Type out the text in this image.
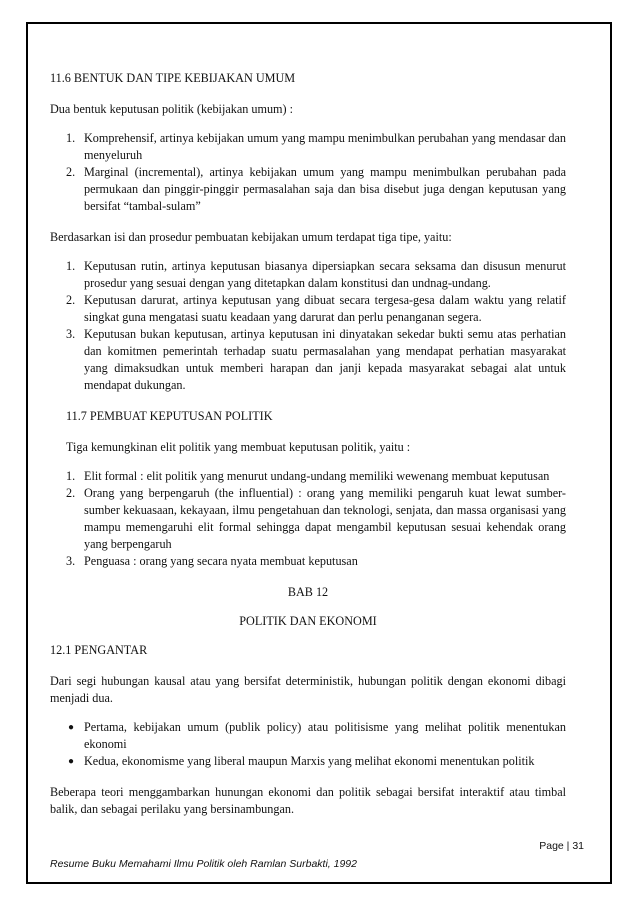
11.6 BENTUK DAN TIPE KEBIJAKAN UMUM

Dua bentuk keputusan politik (kebijakan umum) :

1. Komprehensif, artinya kebijakan umum yang mampu menimbulkan perubahan yang mendasar dan menyeluruh
2. Marginal (incremental), artinya kebijakan umum yang mampu menimbulkan perubahan pada permukaan dan pinggir-pinggir permasalahan saja dan bisa disebut juga dengan keputusan yang bersifat “tambal-sulam”

Berdasarkan isi dan prosedur pembuatan kebijakan umum terdapat tiga tipe, yaitu:

1. Keputusan rutin, artinya keputusan biasanya dipersiapkan secara seksama dan disusun menurut prosedur yang sesuai dengan yang ditetapkan dalam konstitusi dan undnag-undang.
2. Keputusan darurat, artinya keputusan yang dibuat secara tergesa-gesa dalam waktu yang relatif singkat guna mengatasi suatu keadaan yang darurat dan perlu penanganan segera.
3. Keputusan bukan keputusan, artinya keputusan ini dinyatakan sekedar bukti semu atas perhatian dan komitmen pemerintah terhadap suatu permasalahan yang mendapat perhatian masyarakat yang dimaksudkan untuk memberi harapan dan janji kepada masyarakat sebagai alat untuk mendapat dukungan.

11.7 PEMBUAT KEPUTUSAN POLITIK

Tiga kemungkinan elit politik yang membuat keputusan politik, yaitu :

1. Elit formal : elit politik yang menurut undang-undang memiliki wewenang membuat keputusan
2. Orang yang berpengaruh (the influential) : orang yang memiliki pengaruh kuat lewat sumber-sumber kekuasaan, kekayaan, ilmu pengetahuan dan teknologi, senjata, dan massa organisasi yang mampu memengaruhi elit formal sehingga dapat mengambil keputusan sesuai kehendak orang yang berpengaruh
3. Penguasa : orang yang secara nyata membuat keputusan

BAB 12

POLITIK DAN EKONOMI

12.1 PENGANTAR

Dari segi hubungan kausal atau yang bersifat deterministik, hubungan politik dengan ekonomi dibagi menjadi dua.

● Pertama, kebijakan umum (publik policy) atau politisisme yang melihat politik menentukan ekonomi
● Kedua, ekonomisme yang liberal maupun Marxis yang melihat ekonomi menentukan politik

Beberapa teori menggambarkan hunungan ekonomi dan politik sebagai bersifat interaktif atau timbal balik, dan sebagai perilaku yang bersinambungan.

Page | 31
Resume Buku Memahami Ilmu Politik oleh Ramlan Surbakti, 1992
